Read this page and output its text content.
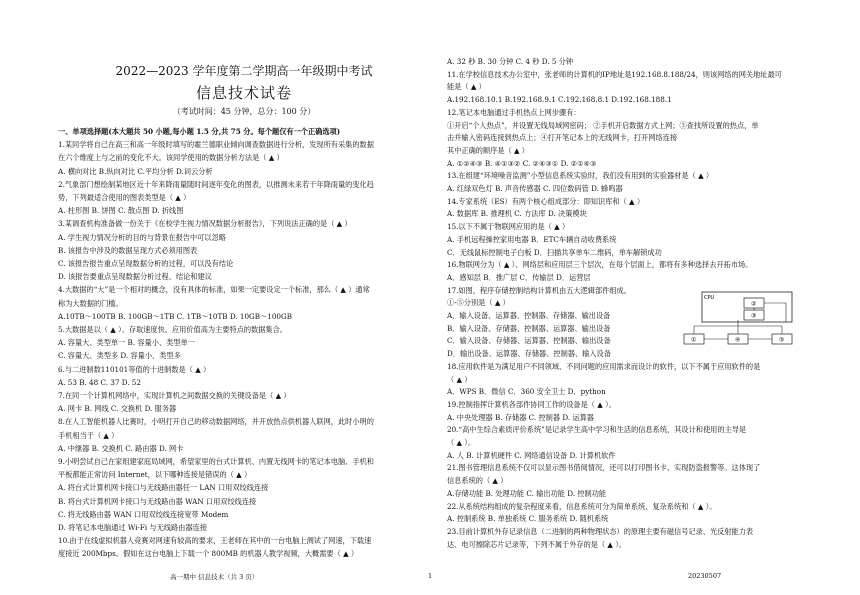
2022—2023 学年度第二学期高一年级期中考试
信息技术试卷
（考试时间：45 分钟，总分：100 分）
一、单项选择题(本大题共 50 小题,每小题 1.5 分,共 75 分。每个题仅有一个正确选项)
1.某同学将自己在高三和高一年级时填写的霍兰德职业倾向调查数据进行分析，发现所有采集的数据
在六个维度上与之前的变化不大。该同学使用的数据分析方法是（ ▲ ）
A. 横向对比 B.纵向对比 C.平均分析 D.词云分析
2.气象部门想绘制某地区近十年来降雨量随时间逐年变化的图表，以推测未来若干年降雨量的变化趋
势，下列最适合使用的图表类型是（ ▲ ）
A. 柱形图 B. 饼图 C. 散点图 D. 折线图
3.某调查机构准备做一份关于《在校学生视力情况数据分析报告》，下列说法正确的是（ ▲ ）
A. 学生视力情况分析的目的与背景在报告中可以忽略
B. 该报告中涉及的数据呈现方式必须用图表
C. 该报告报告重点呈现数据分析的过程，可以没有结论
D. 该报告要重点呈现数据分析过程、结论和建议
4.大数据的“大”是一个相对的概念，没有具体的标准，如果一定要设定一个标准，那么（ ▲ ）通常
称为大数据的门槛。
A.10TB～100TB B. 100GB～1TB C. 1TB～10TB D. 10GB～100GB
5.大数据是以（ ▲ ）、存取速度快、应用价值高为主要特点的数据集合。
A. 容量大、类型单一 B. 容量小、类型单一
C. 容量大、类型多 D. 容量小、类型多
6.与二进制数110101等值的十进制数是（ ▲ ）
A. 53 B. 48 C. 37 D. 52
7.在同一个计算机网络中，实现计算机之间数据交换的关键设备是（ ▲ ）
A. 网卡 B. 网线 C. 交换机 D. 服务器
8.在人工智能机器人比赛时，小明打开自己的移动数据网络，并开放热点供机器人联网，此时小明的
手机相当于（ ▲ ）
A. 中继器 B. 交换机 C. 路由器 D. 网卡
9.小明尝试自己在家组建家庭局域网，希望家里的台式计算机、内置无线网卡的笔记本电脑、手机和
平板都能正常访问 Internet，以下哪种连接是错误的（ ▲ ）
A. 将台式计算机网卡接口与无线路由器任一 LAN 口用双绞线连接
B. 将台式计算机网卡接口与无线路由器 WAN 口用双绞线连接
C. 将无线路由器 WAN 口用双绞线连接宽带 Modem
D. 将笔记本电脑通过 Wi-Fi 与无线路由器连接
10.由于在线虚拟机器人竞赛对网速有较高的要求，王老师在其中的一台电脑上测试了网速，下载速
度接近 200Mbps。假如在这台电脑上下载一个 800MB 的机器人教学视频，大概需要（ ▲ ）
A. 32 秒 B. 30 分钟 C. 4 秒 D. 5 分钟
11.在学校信息技术办公室中，张老师的计算机的IP地址是192.168.8.188/24，则该网络的网关地址最可
能是（ ▲ ）
A.192.168.10.1 B.192.168.9.1 C.192.168.8.1 D.192.168.188.1
12.笔记本电脑通过手机热点上网步骤有：
①开启“个人热点”，并设置无线局域网密码； ②手机开启数据方式上网；③查找所设置的热点，单
击并输入密码连接到热点上；④打开笔记本上的无线网卡，打开网络连接
其中正确的顺序是（ ▲ ）
A. ①②④③ B. ④①③② C. ②④③① D. ②①④③
13.在组建“环境噪音监测”小型信息系统实验时，我们没有用到的实验器材是（ ▲ ）
A. 红绿双色灯 B. 声音传感器 C. 四位数码管 D. 蜂鸣器
14.专家系统（ES）有两个核心组成部分：即知识库和（ ▲ ）
A. 数据库 B. 推理机 C. 方法库 D. 决策模块
15.以下不属于物联网应用的是（ ▲ ）
A. 手机远程操控家用电器 B．ETC车辆自动收费系统
C．无线鼠标控制电子白板 D．扫描共享单车二维码，单车解锁成功
16.物联网分为（ ▲ ）、网络层和应用层三个层次，在每个层面上，都将有多种选择去开拓市场。
A．感知层 B．推广层 C．传输层 D．运营层
17.如图，程序存储控制结构计算机由五大逻辑部件组成。
①-⑤分别是（ ▲ ）
A．输入设备、运算器、控制器、存储器、输出设备
B．输入设备、存储器、控制器、运算器、输出设备
C．输入设备、存储器、运算器、控制器、输出设备
D．输出设备、运算器、存储器、控制器、输入设备
18.应用软件是为满足用户不同领域、不同问题的应用需求而设计的软件，以下不属于应用软件的是
（ ▲ ）
A．WPS B．微信 C．360 安全卫士 D．python
19.控制指挥计算机各部件协同工作的设备是（ ▲ ）。
A. 中央处理器 B. 存储器 C. 控制器 D. 运算器
20.“高中生综合素质评价系统”是记录学生高中学习和生活的信息系统，其设计和使用的主导是
（ ▲ ）。
A. 人 B. 计算机硬件 C. 网络通信设备 D. 计算机软件
21.图书管理信息系统不仅可以显示图书借阅情况，还可以打印图书卡、实现防盗报警等。这体现了
信息系统的（ ▲ ）
A.存储功能 B. 处理功能 C. 输出功能 D. 控制功能
22.从系统结构组成的复杂程度来看，信息系统可分为简单系统、复杂系统和（ ▲ ）。
A. 控制系统 B. 单独系统 C. 服务系统 D. 随机系统
23.目前计算机外存记录信息（二进制的两种物理状态）的原理主要有磁信号记录、光反射能力表
达、电可擦除芯片记录等，下列不属于外存的是（ ▲ ）。
CPU
②
③
①	④	⑤
高一期中 信息技术（共 3 页）	1	20230507
